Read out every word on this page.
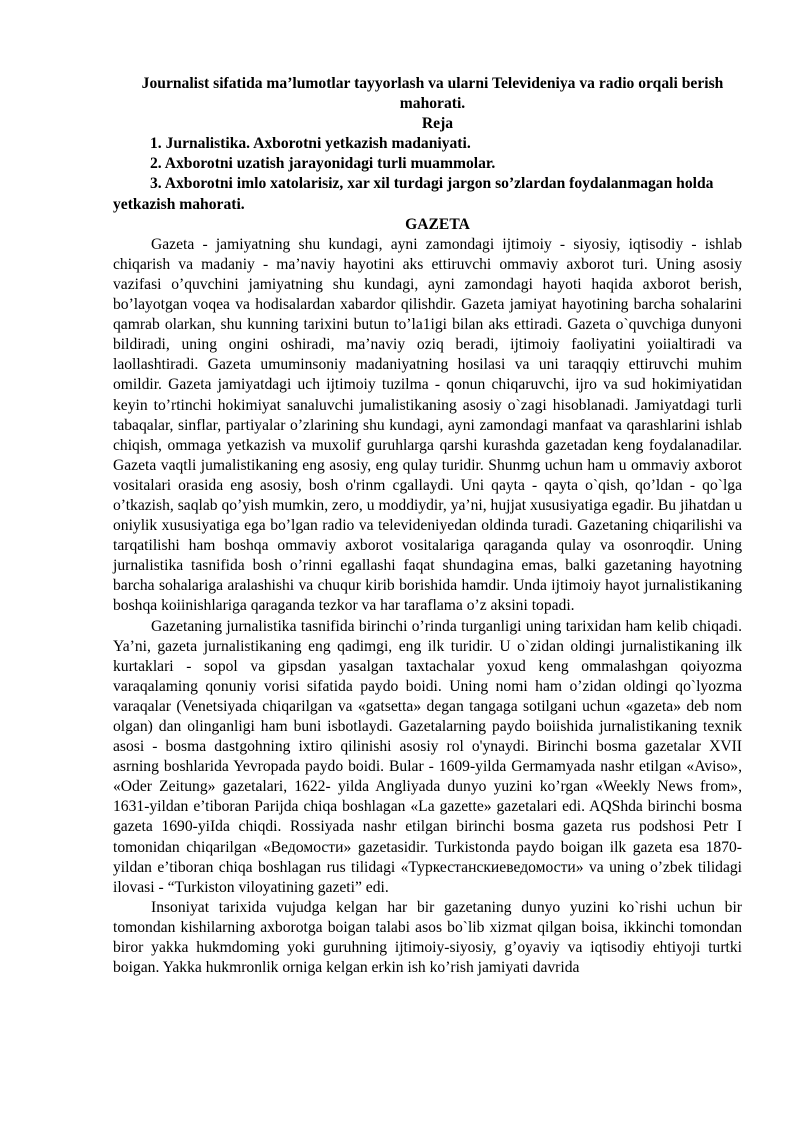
Journalist sifatida ma’lumotlar tayyorlash va ularni Televideniya va radio orqali berish mahorati.

Reja

1. Jurnalistika. Axborotni yetkazish madaniyati.

2. Axborotni uzatish jarayonidagi turli muammolar.

3. Axborotni imlo xatolarisiz, xar xil turdagi jargon so’zlardan foydalanmagan holda yetkazish mahorati.

GAZETA

Gazeta - jamiyatning shu kundagi, ayni zamondagi ijtimoiy - siyosiy, iqtisodiy - ishlab chiqarish va madaniy - ma’naviy hayotini aks ettiruvchi ommaviy axborot turi. Uning asosiy vazifasi o’quvchini jamiyatning shu kundagi, ayni zamondagi hayoti haqida axborot berish, bo’layotgan voqea va hodisalardan xabardor qilishdir. Gazeta jamiyat hayotining barcha sohalarini qamrab olarkan, shu kunning tarixini butun to’la1igi bilan aks ettiradi. Gazeta o`quvchiga dunyoni bildiradi, uning ongini oshiradi, ma’naviy oziq beradi, ijtimoiy faoliyatini yoiialtiradi va laollashtiradi. Gazeta umuminsoniy madaniyatning hosilasi va uni taraqqiy ettiruvchi muhim omildir. Gazeta jamiyatdagi uch ijtimoiy tuzilma - qonun chiqaruvchi, ijro va sud hokimiyatidan keyin to’rtinchi hokimiyat sanaluvchi jumalistikaning asosiy o`zagi hisoblanadi. Jamiyatdagi turli tabaqalar, sinflar, partiyalar o’zlarining shu kundagi, ayni zamondagi manfaat va qarashlarini ishlab chiqish, ommaga yetkazish va muxolif guruhlarga qarshi kurashda gazetadan keng foydalanadilar. Gazeta vaqtli jumalistikaning eng asosiy, eng qulay turidir. Shunmg uchun ham u ommaviy axborot vositalari orasida eng asosiy, bosh o'rinm cgallaydi. Uni qayta - qayta o`qish, qo’ldan - qo`lga o’tkazish, saqlab qo’yish mumkin, zero, u moddiydir, ya’ni, hujjat xususiyatiga egadir. Bu jihatdan u oniylik xususiyatiga ega bo’lgan radio va televideniyedan oldinda turadi. Gazetaning chiqarilishi va tarqatilishi ham boshqa ommaviy axborot vositalariga qaraganda qulay va osonroqdir. Uning jurnalistika tasnifida bosh o’rinni egallashi faqat shundagina emas, balki gazetaning hayotning barcha sohalariga aralashishi va chuqur kirib borishida hamdir. Unda ijtimoiy hayot jurnalistikaning boshqa koiinishlariga qaraganda tezkor va har taraflama o’z aksini topadi.

Gazetaning jurnalistika tasnifida birinchi o’rinda turganligi uning tarixidan ham kelib chiqadi. Ya’ni, gazeta jurnalistikaning eng qadimgi, eng ilk turidir. U o`zidan oldingi jurnalistikaning ilk kurtaklari - sopol va gipsdan yasalgan taxtachalar yoxud keng ommalashgan qoiyozma varaqalaming qonuniy vorisi sifatida paydo boidi. Uning nomi ham o’zidan oldingi qo`lyozma varaqalar (Venetsiyada chiqarilgan va «gatsetta» degan tangaga sotilgani uchun «gazeta» deb nom olgan) dan olinganligi ham buni isbotlaydi. Gazetalarning paydo boiishida jurnalistikaning texnik asosi - bosma dastgohning ixtiro qilinishi asosiy rol o'ynaydi. Birinchi bosma gazetalar XVII asrning boshlarida Yevropada paydo boidi. Bular - 1609-yilda Germamyada nashr etilgan «Aviso», «Oder Zeitung» gazetalari, 1622- yilda Angliyada dunyo yuzini ko’rgan «Weekly News from», 1631-yildan e’tiboran Parijda chiqa boshlagan «La gazette» gazetalari edi. AQShda birinchi bosma gazeta 1690-yiIda chiqdi. Rossiyada nashr etilgan birinchi bosma gazeta rus podshosi Petr I tomonidan chiqarilgan «Ведомости» gazetasidir. Turkistonda paydo boigan ilk gazeta esa 1870-yildan e’tiboran chiqa boshlagan rus tilidagi «Туркестанскиеведомости» va uning o’zbek tilidagi ilovasi - “Turkiston viloyatining gazeti” edi.

Insoniyat tarixida vujudga kelgan har bir gazetaning dunyo yuzini ko`rishi uchun bir tomondan kishilarning axborotga boigan talabi asos bo`lib xizmat qilgan boisa, ikkinchi tomondan biror yakka hukmdoming yoki guruhning ijtimoiy-siyosiy, g’oyaviy va iqtisodiy ehtiyoji turtki boigan. Yakka hukmronlik orniga kelgan erkin ish ko’rish jamiyati davrida
